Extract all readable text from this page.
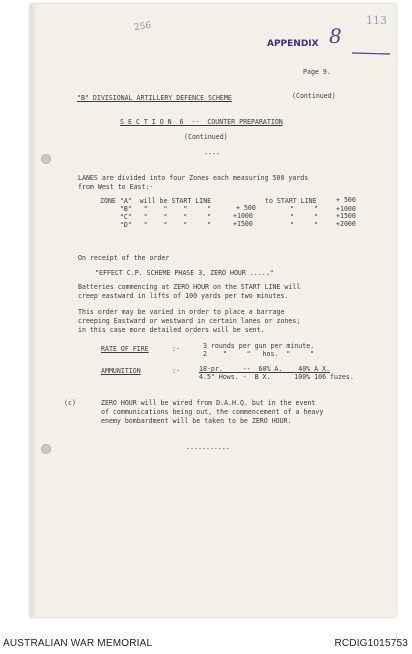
256	113
APPENDIX 8
Page 9.
"B" DIVISIONAL ARTILLERY DEFENCE SCHEME	(Continued)
S E C T I O N  6  --  COUNTER PREPARATION
(Continued)
----
LANES are divided into four Zones each measuring 500 yards
from West to East:-
ZONE "A"  will be START LINE	to START LINE	+ 500
"B"   "    "    "     "	+ 500	"     "	+1000
"C"   "    "    "     "	+1000	"     "	+1500
"D"   "    "    "     "	+1500	"     "	+2000
On receipt of the order
"EFFECT C.P. SCHEME PHASE 3, ZERO HOUR ....."
Batteries commencing at ZERO HOUR on the START LINE will
creep eastward in lifts of 100 yards per two minutes.
This order may be varied in order to place a barrage
creeping Eastward or westward in certain lanes or zones;
in this case more detailed orders will be sent.
RATE OF FIRE	:-	3 rounds per gun per minute.
2    "     "   hos.  "     "
AMMUNITION	:-	18-pr.     --  60% A.    40% A X.
4.5" Hows. -  B X.      100% 106 fuzes.
(c)	ZERO HOUR will be wired from D.A.H.Q. but in the event
of communications being out, the commencement of a heavy
enemy bombardment will be taken to be ZERO HOUR.
-----------
AUSTRALIAN WAR MEMORIAL	RCDIG1015753
